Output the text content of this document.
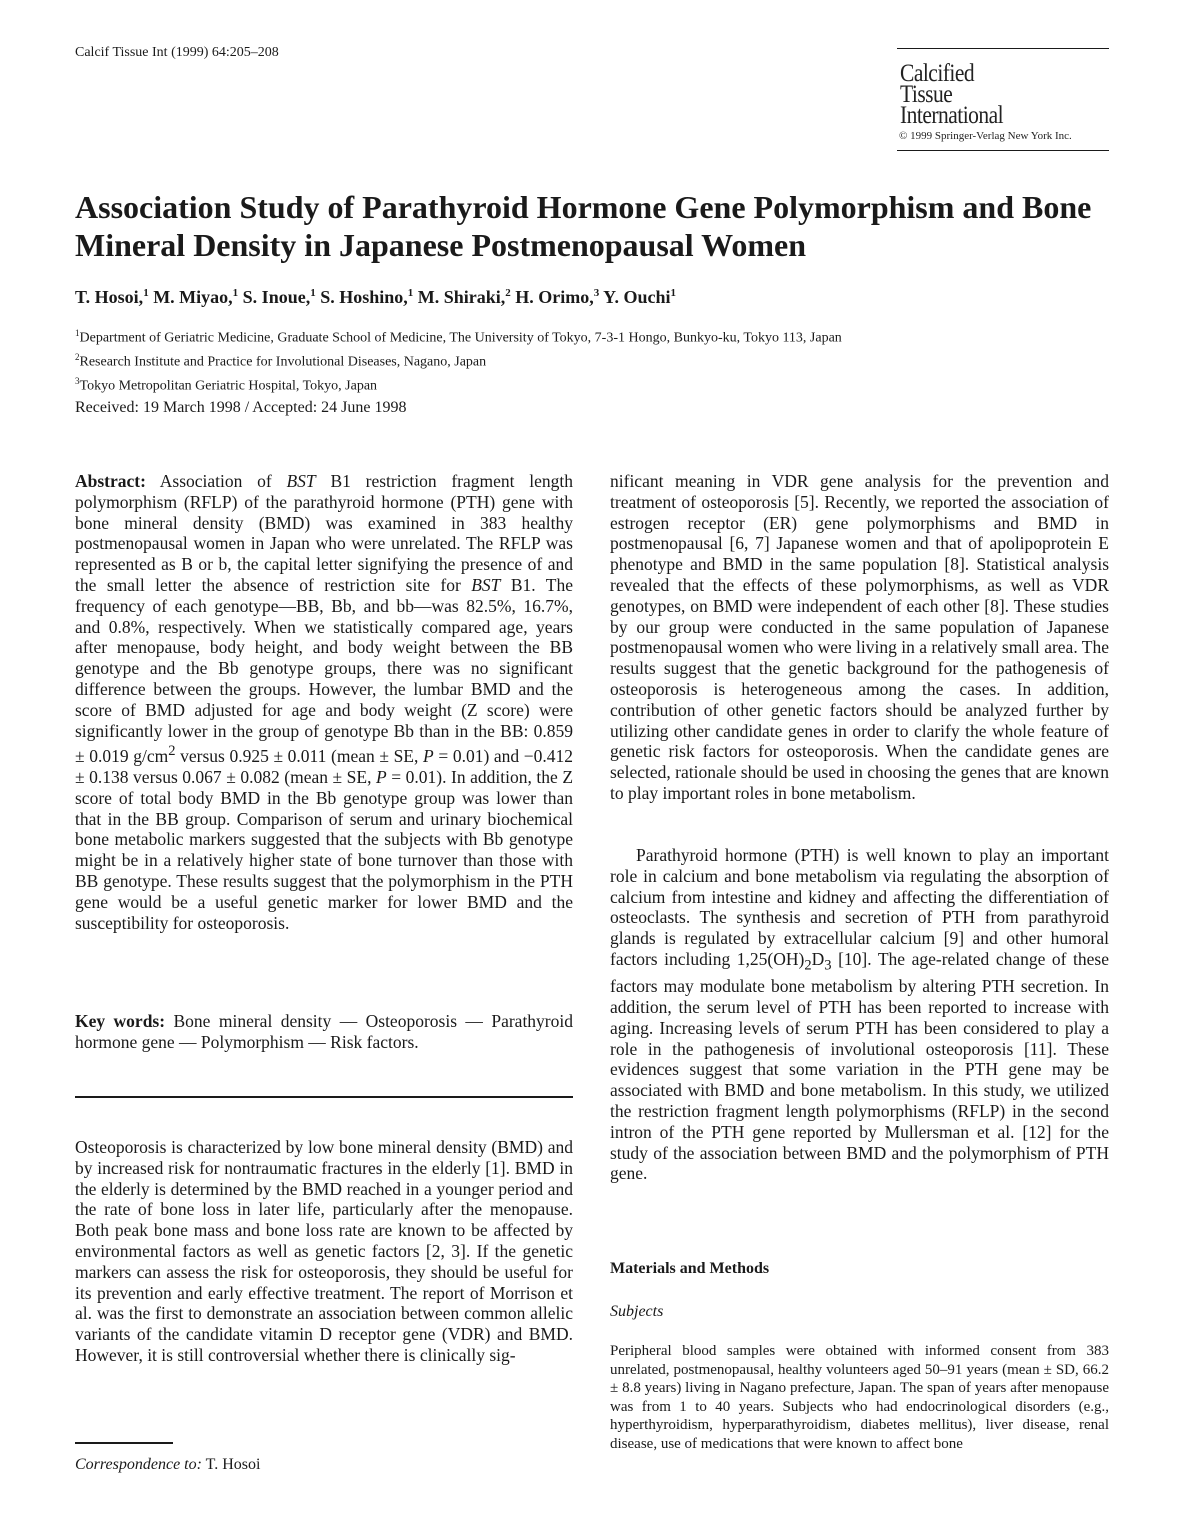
Calcif Tissue Int (1999) 64:205–208
Calcified
Tissue
International
© 1999 Springer-Verlag New York Inc.
Association Study of Parathyroid Hormone Gene Polymorphism and Bone Mineral Density in Japanese Postmenopausal Women
T. Hosoi,$^1$ M. Miyao,$^1$ S. Inoue,$^1$ S. Hoshino,$^1$ M. Shiraki,$^2$ H. Orimo,$^3$ Y. Ouchi$^1$
$^1$Department of Geriatric Medicine, Graduate School of Medicine, The University of Tokyo, 7-3-1 Hongo, Bunkyo-ku, Tokyo 113, Japan
$^2$Research Institute and Practice for Involutional Diseases, Nagano, Japan
$^3$Tokyo Metropolitan Geriatric Hospital, Tokyo, Japan
Received: 19 March 1998 / Accepted: 24 June 1998

Abstract: Association of BST B1 restriction fragment length polymorphism (RFLP) of the parathyroid hormone (PTH) gene with bone mineral density (BMD) was examined in 383 healthy postmenopausal women in Japan who were unrelated. The RFLP was represented as B or b, the capital letter signifying the presence of and the small letter the absence of restriction site for BST B1. The frequency of each genotype—BB, Bb, and bb—was 82.5%, 16.7%, and 0.8%, respectively. When we statistically compared age, years after menopause, body height, and body weight between the BB genotype and the Bb genotype groups, there was no significant difference between the groups. However, the lumbar BMD and the score of BMD adjusted for age and body weight (Z score) were significantly lower in the group of genotype Bb than in the BB: 0.859 ± 0.019 $g/cm^2$ versus 0.925 ± 0.011 (mean ± SE, P = 0.01) and −0.412 ± 0.138 versus 0.067 ± 0.082 (mean ± SE, P = 0.01). In addition, the Z score of total body BMD in the Bb genotype group was lower than that in the BB group. Comparison of serum and urinary biochemical bone metabolic markers suggested that the subjects with Bb genotype might be in a relatively higher state of bone turnover than those with BB genotype. These results suggest that the polymorphism in the PTH gene would be a useful genetic marker for lower BMD and the susceptibility for osteoporosis.

Key words: Bone mineral density — Osteoporosis — Parathyroid hormone gene — Polymorphism — Risk factors.

Osteoporosis is characterized by low bone mineral density (BMD) and by increased risk for nontraumatic fractures in the elderly [1]. BMD in the elderly is determined by the BMD reached in a younger period and the rate of bone loss in later life, particularly after the menopause. Both peak bone mass and bone loss rate are known to be affected by environmental factors as well as genetic factors [2, 3]. If the genetic markers can assess the risk for osteoporosis, they should be useful for its prevention and early effective treatment. The report of Morrison et al. was the first to demonstrate an association between common allelic variants of the candidate vitamin D receptor gene (VDR) and BMD. However, it is still controversial whether there is clinically sig-

nificant meaning in VDR gene analysis for the prevention and treatment of osteoporosis [5]. Recently, we reported the association of estrogen receptor (ER) gene polymorphisms and BMD in postmenopausal [6, 7] Japanese women and that of apolipoprotein E phenotype and BMD in the same population [8]. Statistical analysis revealed that the effects of these polymorphisms, as well as VDR genotypes, on BMD were independent of each other [8]. These studies by our group were conducted in the same population of Japanese postmenopausal women who were living in a relatively small area. The results suggest that the genetic background for the pathogenesis of osteoporosis is heterogeneous among the cases. In addition, contribution of other genetic factors should be analyzed further by utilizing other candidate genes in order to clarify the whole feature of genetic risk factors for osteoporosis. When the candidate genes are selected, rationale should be used in choosing the genes that are known to play important roles in bone metabolism.

Parathyroid hormone (PTH) is well known to play an important role in calcium and bone metabolism via regulating the absorption of calcium from intestine and kidney and affecting the differentiation of osteoclasts. The synthesis and secretion of PTH from parathyroid glands is regulated by extracellular calcium [9] and other humoral factors including $1,25(OH)_2D_3$ [10]. The age-related change of these factors may modulate bone metabolism by altering PTH secretion. In addition, the serum level of PTH has been reported to increase with aging. Increasing levels of serum PTH has been considered to play a role in the pathogenesis of involutional osteoporosis [11]. These evidences suggest that some variation in the PTH gene may be associated with BMD and bone metabolism. In this study, we utilized the restriction fragment length polymorphisms (RFLP) in the second intron of the PTH gene reported by Mullersman et al. [12] for the study of the association between BMD and the polymorphism of PTH gene.

Materials and Methods
Subjects
Peripheral blood samples were obtained with informed consent from 383 unrelated, postmenopausal, healthy volunteers aged 50–91 years (mean ± SD, 66.2 ± 8.8 years) living in Nagano prefecture, Japan. The span of years after menopause was from 1 to 40 years. Subjects who had endocrinological disorders (e.g., hyperthyroidism, hyperparathyroidism, diabetes mellitus), liver disease, renal disease, use of medications that were known to affect bone
Correspondence to: T. Hosoi
